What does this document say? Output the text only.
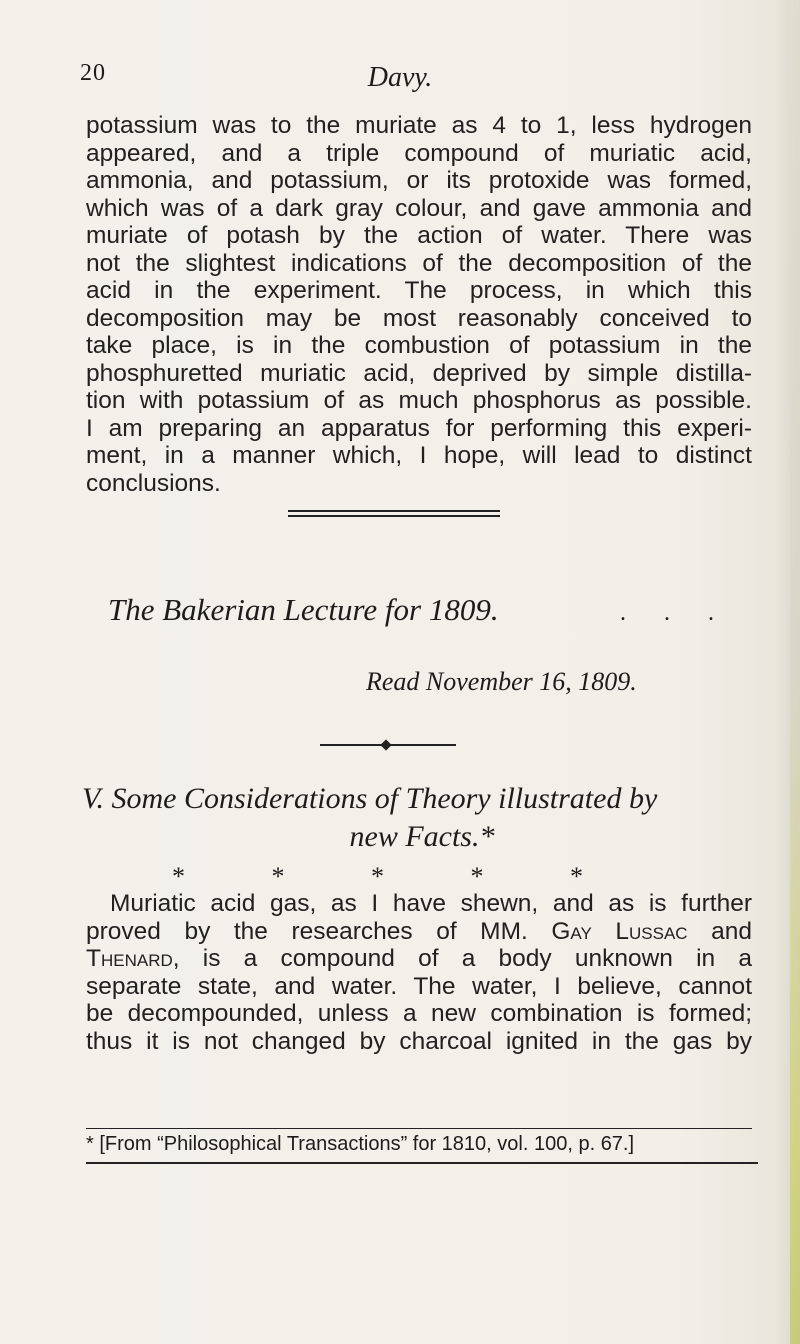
20	Davy.
potassium was to the muriate as 4 to 1, less hydrogen
appeared, and a triple compound of muriatic acid,
ammonia, and potassium, or its protoxide was formed,
which was of a dark gray colour, and gave ammonia and
muriate of potash by the action of water. There was
not the slightest indications of the decomposition of the
acid in the experiment. The process, in which this
decomposition may be most reasonably conceived to
take place, is in the combustion of potassium in the
phosphuretted muriatic acid, deprived by simple distilla-
tion with potassium of as much phosphorus as possible.
I am preparing an apparatus for performing this experi-
ment, in a manner which, I hope, will lead to distinct
conclusions.
The Bakerian Lecture for 1809.	. . .
Read November 16, 1809.
V. Some Considerations of Theory illustrated by
new Facts.*
* * * * *
Muriatic acid gas, as I have shewn, and as is further
proved by the researches of MM. Gay Lussac and
Thenard, is a compound of a body unknown in a
separate state, and water. The water, I believe, cannot
be decompounded, unless a new combination is formed;
thus it is not changed by charcoal ignited in the gas by
* [From “Philosophical Transactions” for 1810, vol. 100, p. 67.]
